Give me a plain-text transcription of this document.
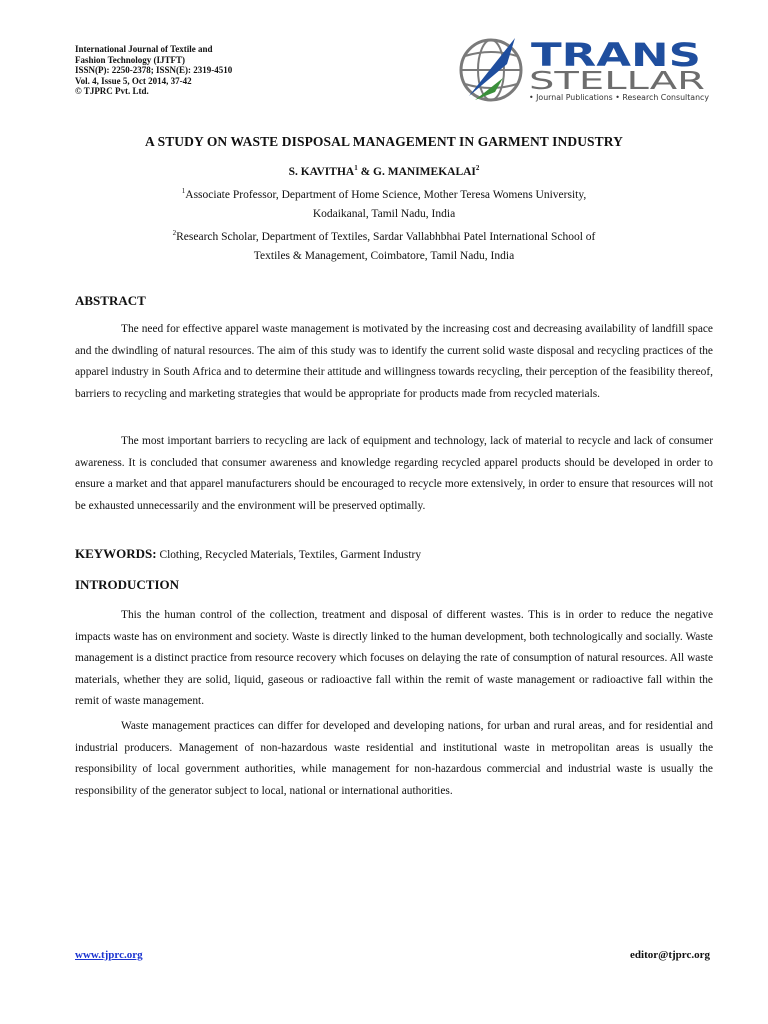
International Journal of Textile and
Fashion Technology (IJTFT)
ISSN(P): 2250-2378; ISSN(E): 2319-4510
Vol. 4, Issue 5, Oct 2014, 37-42
© TJPRC Pvt. Ltd.
TRANS
STELLAR
• Journal Publications • Research Consultancy
A STUDY ON WASTE DISPOSAL MANAGEMENT IN GARMENT INDUSTRY
S. KAVITHA$^1$ & G. MANIMEKALAI$^2$
$^1$Associate Professor, Department of Home Science, Mother Teresa Womens University,
Kodaikanal, Tamil Nadu, India
$^2$Research Scholar, Department of Textiles, Sardar Vallabhbhai Patel International School of
Textiles & Management, Coimbatore, Tamil Nadu, India
ABSTRACT

The need for effective apparel waste management is motivated by the increasing cost and decreasing availability of landfill space and the dwindling of natural resources. The aim of this study was to identify the current solid waste disposal and recycling practices of the apparel industry in South Africa and to determine their attitude and willingness towards recycling, their perception of the feasibility thereof, barriers to recycling and marketing strategies that would be appropriate for products made from recycled materials.

The most important barriers to recycling are lack of equipment and technology, lack of material to recycle and lack of consumer awareness. It is concluded that consumer awareness and knowledge regarding recycled apparel products should be developed in order to ensure a market and that apparel manufacturers should be encouraged to recycle more extensively, in order to ensure that resources will not be exhausted unnecessarily and the environment will be preserved optimally.

KEYWORDS: Clothing, Recycled Materials, Textiles, Garment Industry
INTRODUCTION

This the human control of the collection, treatment and disposal of different wastes. This is in order to reduce the negative impacts waste has on environment and society. Waste is directly linked to the human development, both technologically and socially. Waste management is a distinct practice from resource recovery which focuses on delaying the rate of consumption of natural resources. All waste materials, whether they are solid, liquid, gaseous or radioactive fall within the remit of waste management or radioactive fall within the remit of waste management.

Waste management practices can differ for developed and developing nations, for urban and rural areas, and for residential and industrial producers. Management of non-hazardous waste residential and institutional waste in metropolitan areas is usually the responsibility of local government authorities, while management for non-hazardous commercial and industrial waste is usually the responsibility of the generator subject to local, national or international authorities.

www.tjprc.org	editor@tjprc.org
